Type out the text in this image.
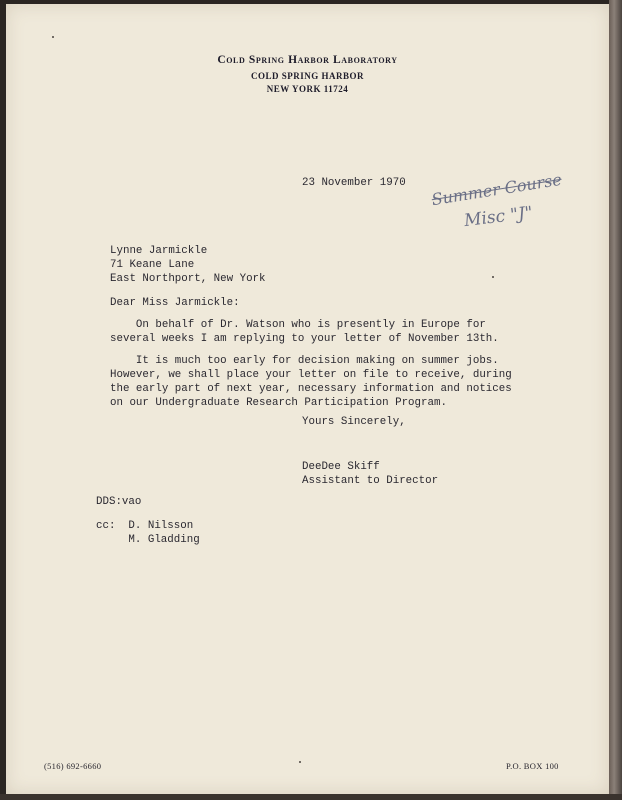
Cold Spring Harbor Laboratory
COLD SPRING HARBOR
NEW YORK 11724
23 November 1970 Summer Course
Misc "J"
Lynne Jarmickle
71 Keane Lane
East Northport, New York
Dear Miss Jarmickle:
On behalf of Dr. Watson who is presently in Europe for
several weeks I am replying to your letter of November 13th.
It is much too early for decision making on summer jobs.
However, we shall place your letter on file to receive, during
the early part of next year, necessary information and notices
on our Undergraduate Research Participation Program.
Yours Sincerely,
DeeDee Skiff
Assistant to Director
DDS:vao
cc:  D. Nilsson
M. Gladding
(516) 692-6660	P.O. BOX 100
